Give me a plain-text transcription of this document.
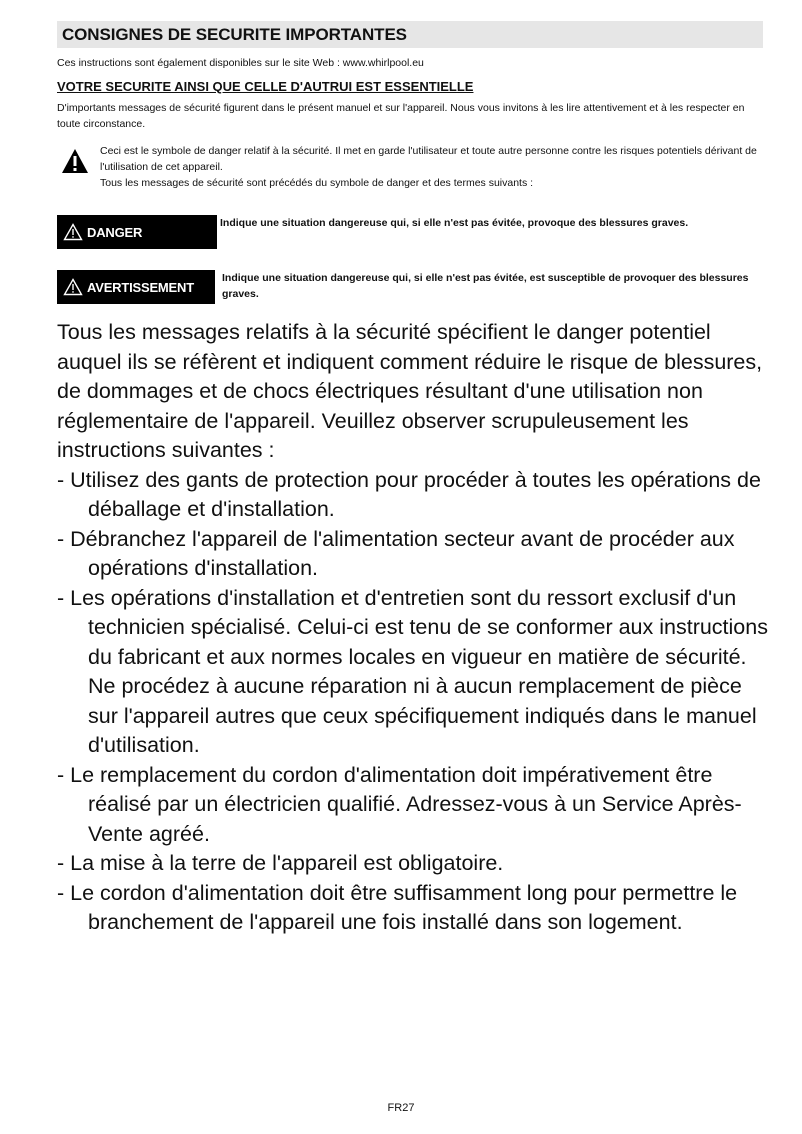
CONSIGNES DE SECURITE IMPORTANTES
Ces instructions sont également disponibles sur le site Web : www.whirlpool.eu
VOTRE SECURITE AINSI QUE CELLE D'AUTRUI EST ESSENTIELLE
D'importants messages de sécurité figurent dans le présent manuel et sur l'appareil. Nous vous invitons à les lire attentivement et à les respecter en toute circonstance.
Ceci est le symbole de danger relatif à la sécurité. Il met en garde l'utilisateur et toute autre personne contre les risques potentiels dérivant de l'utilisation de cet appareil.
Tous les messages de sécurité sont précédés du symbole de danger et des termes suivants :
DANGER
Indique une situation dangereuse qui, si elle n'est pas évitée, provoque des blessures graves.
AVERTISSEMENT
Indique une situation dangereuse qui, si elle n'est pas évitée, est susceptible de provoquer des blessures graves.

Tous les messages relatifs à la sécurité spécifient le danger potentiel auquel ils se réfèrent et indiquent comment réduire le risque de blessures, de dommages et de chocs électriques résultant d'une utilisation non réglementaire de l'appareil. Veuillez observer scrupuleusement les instructions suivantes :

- Utilisez des gants de protection pour procéder à toutes les opérations de déballage et d'installation.
- Débranchez l'appareil de l'alimentation secteur avant de procéder aux opérations d'installation.
- Les opérations d'installation et d'entretien sont du ressort exclusif d'un technicien spécialisé. Celui-ci est tenu de se conformer aux instructions du fabricant et aux normes locales en vigueur en matière de sécurité. Ne procédez à aucune réparation ni à aucun remplacement de pièce sur l'appareil autres que ceux spécifiquement indiqués dans le manuel d'utilisation.
- Le remplacement du cordon d'alimentation doit impérativement être réalisé par un électricien qualifié. Adressez-vous à un Service Après-Vente agréé.
- La mise à la terre de l'appareil est obligatoire.
- Le cordon d'alimentation doit être suffisamment long pour permettre le branchement de l'appareil une fois installé dans son logement.
FR27
